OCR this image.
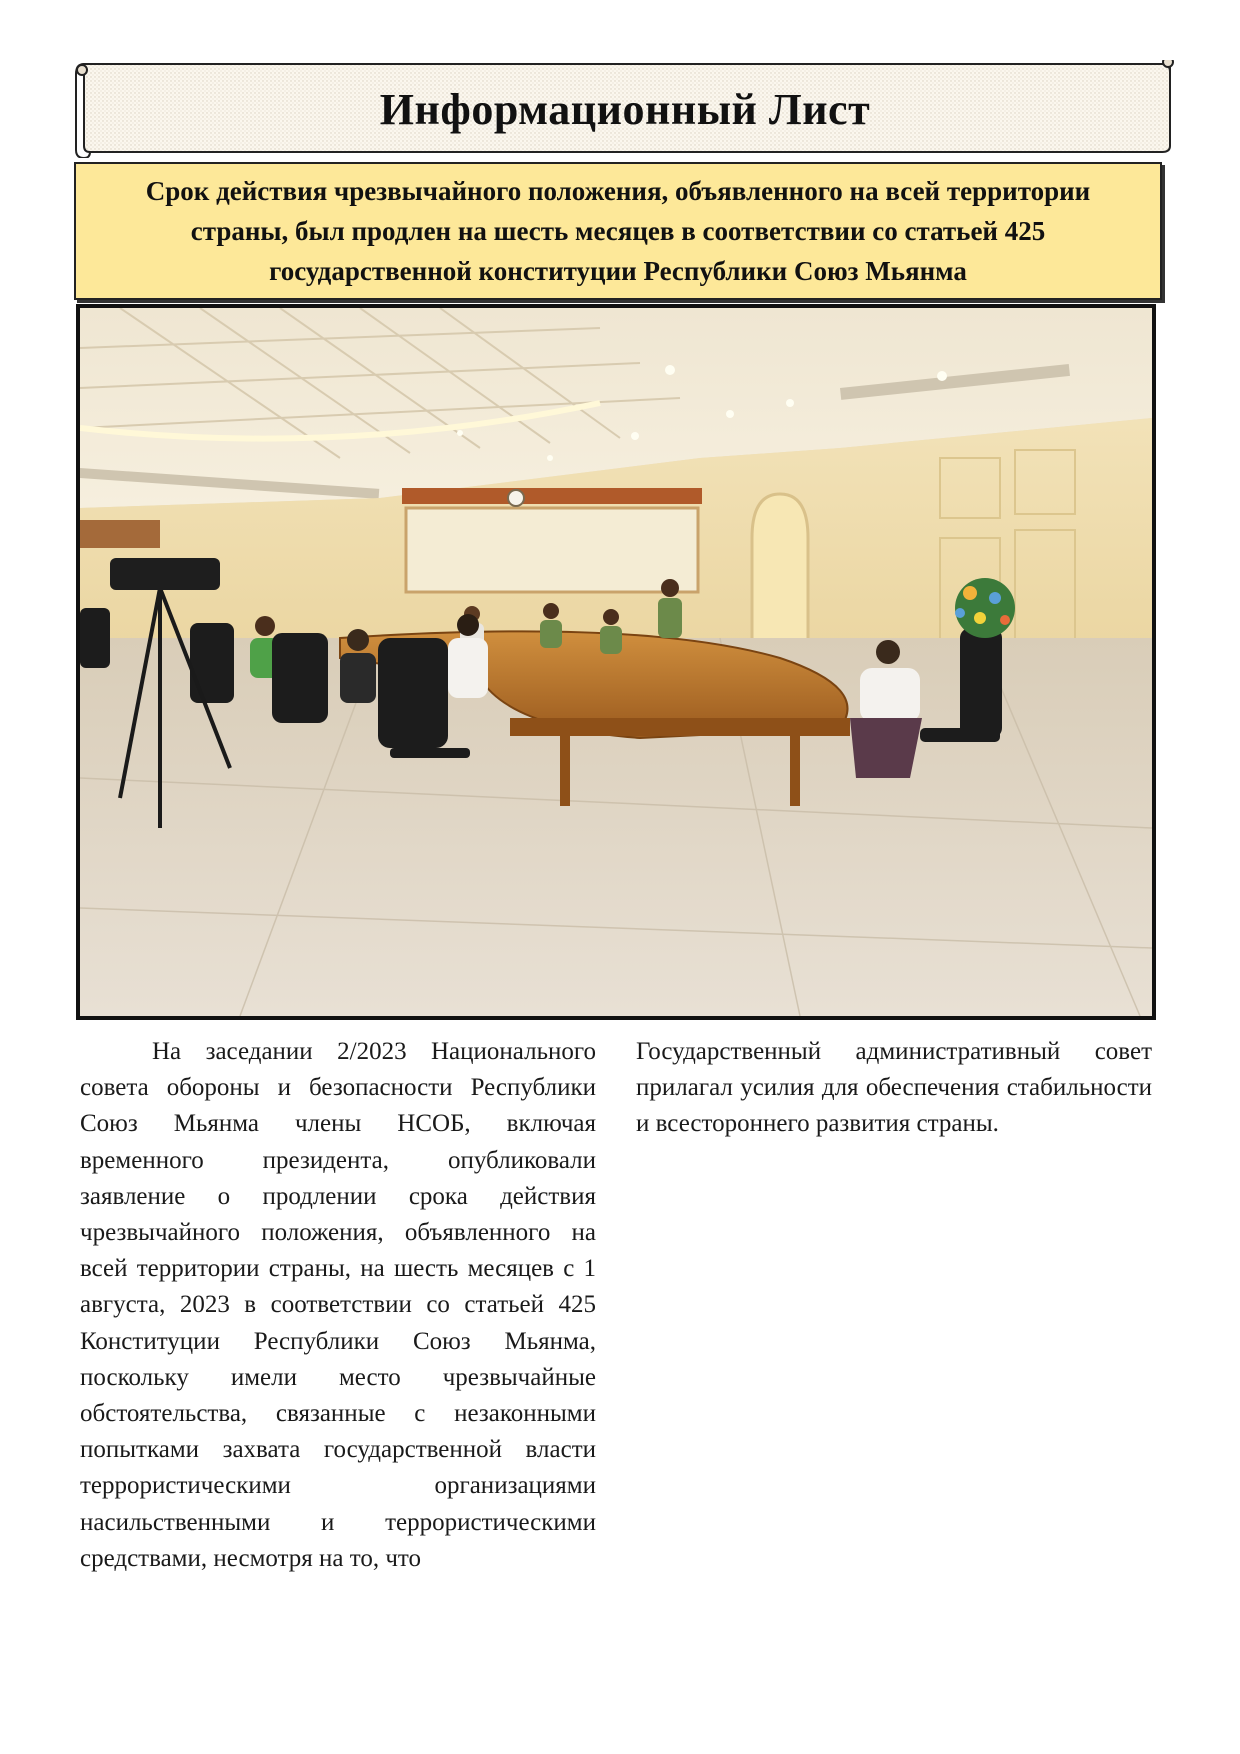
Информационный Лист
Срок действия чрезвычайного положения, объявленного на всей территории страны, был продлен на шесть месяцев в соответствии со статьей 425 государственной конституции Республики Союз Мьянма
На заседании 2/2023 Национального совета обороны и безопасности Республики Союз Мьянма члены НСОБ, включая временного президента, опубликовали заявление о продлении срока действия чрезвычайного положения, объявленного на всей территории страны, на шесть месяцев с 1 августа, 2023 в соответствии со статьей 425 Конституции Республики Союз Мьянма, поскольку имели место чрезвычайные обстоятельства, связанные с незаконными попытками захвата государственной власти террористическими организациями насильственными и террористическими средствами, несмотря на то, что
Государственный административный совет прилагал усилия для обеспечения стабильности и всестороннего развития страны.
